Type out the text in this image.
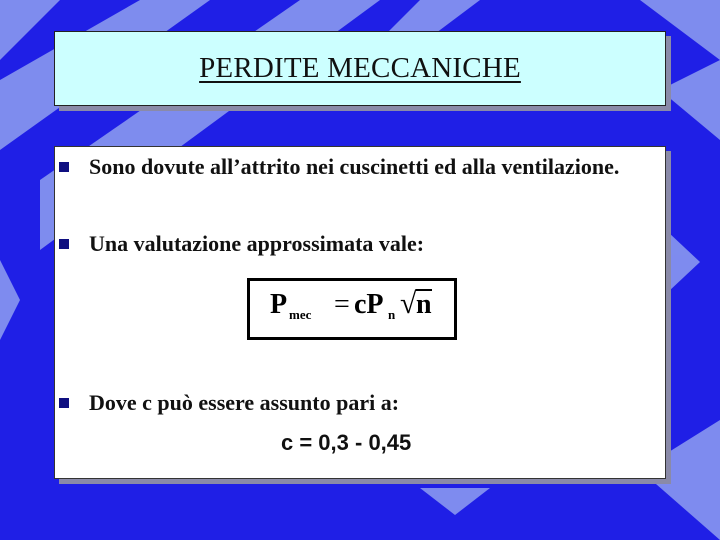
PERDITE MECCANICHE
Sono dovute all’attrito nei cuscinetti ed alla ventilazione.
Una valutazione approssimata vale:
P mec = cP n √ n
Dove c può essere assunto pari a:
c = 0,3 - 0,45
